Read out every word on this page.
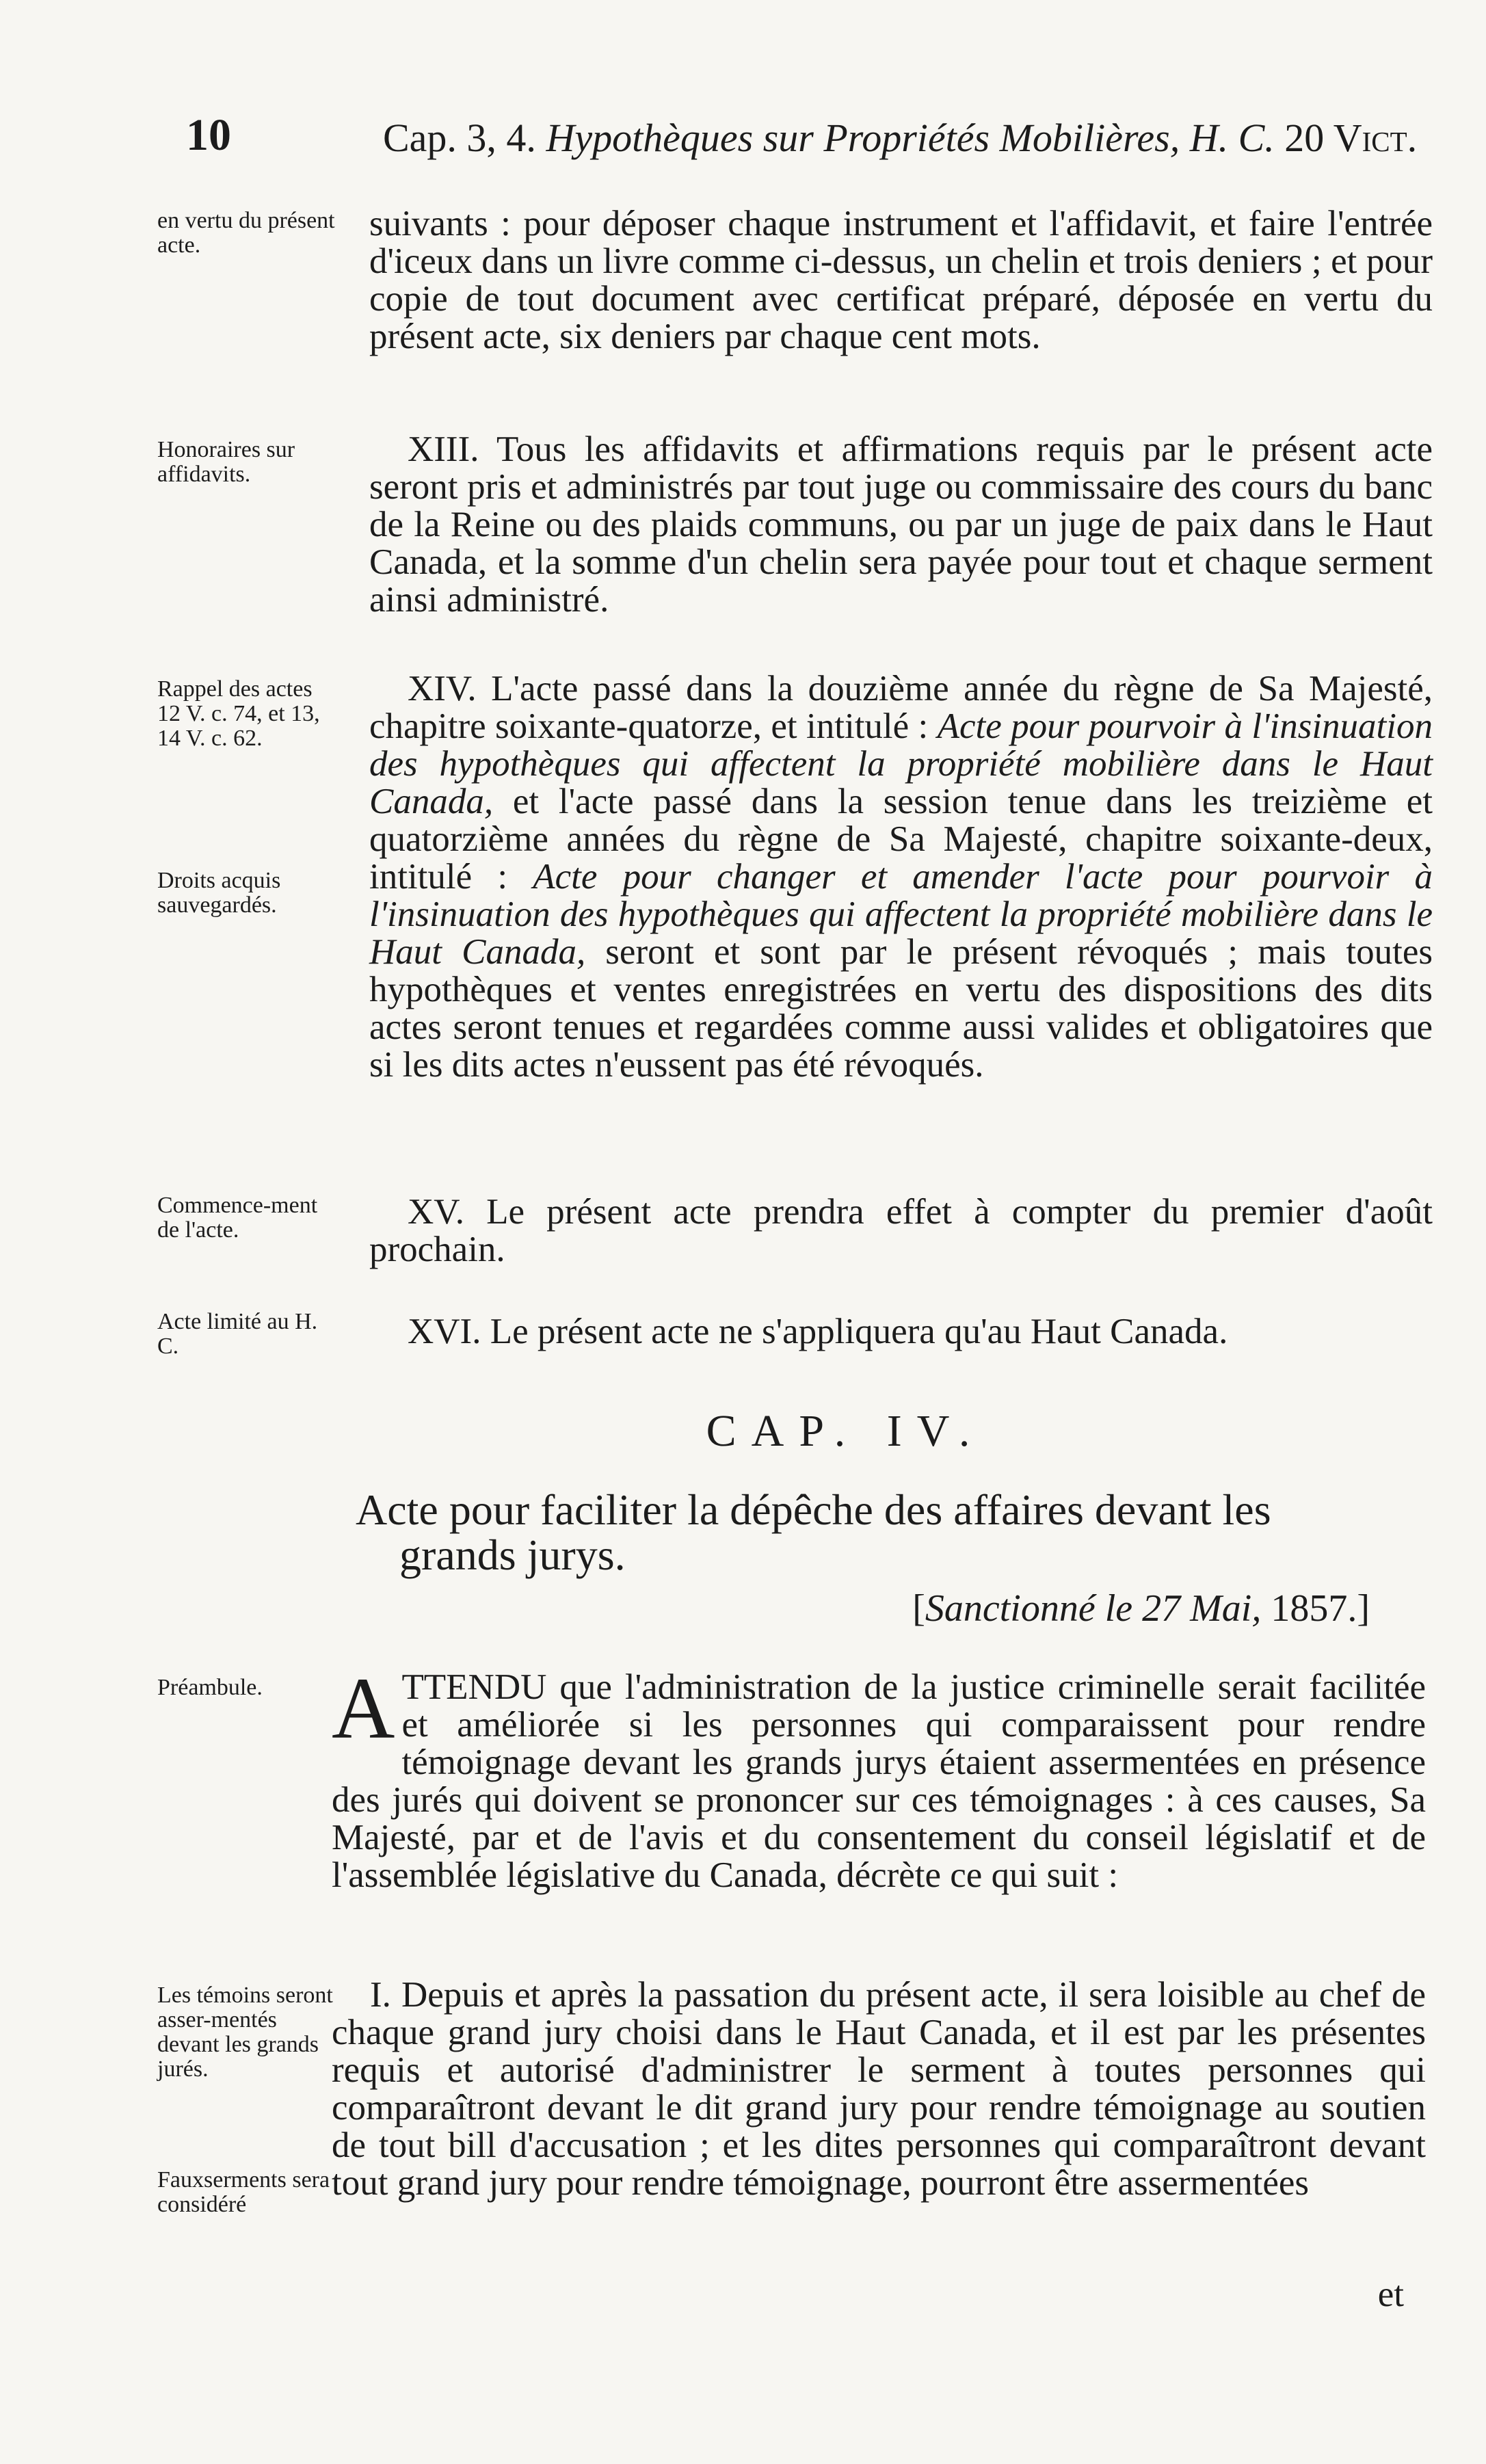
10	Cap. 3, 4. Hypothèques sur Propriétés Mobilières, H. C. 20 Vict.
en vertu du présent acte.
Honoraires sur affidavits.
Rappel des actes 12 V. c. 74, et 13, 14 V. c. 62.
Droits acquis sauvegardés.
Commence-ment de l'acte.
Acte limité au H. C.
Préambule.
Les témoins seront asser-mentés devant les grands jurés.
Fauxserments sera considéré
suivants : pour déposer chaque instrument et l'affidavit, et faire l'entrée d'iceux dans un livre comme ci-dessus, un chelin et trois deniers ; et pour copie de tout document avec certificat préparé, déposée en vertu du présent acte, six deniers par chaque cent mots.
XIII. Tous les affidavits et affirmations requis par le présent acte seront pris et administrés par tout juge ou commissaire des cours du banc de la Reine ou des plaids communs, ou par un juge de paix dans le Haut Canada, et la somme d'un chelin sera payée pour tout et chaque serment ainsi administré.
XIV. L'acte passé dans la douzième année du règne de Sa Majesté, chapitre soixante-quatorze, et intitulé : Acte pour pourvoir à l'insinuation des hypothèques qui affectent la propriété mobilière dans le Haut Canada, et l'acte passé dans la session tenue dans les treizième et quatorzième années du règne de Sa Majesté, chapitre soixante-deux, intitulé : Acte pour changer et amender l'acte pour pourvoir à l'insinuation des hypothèques qui affectent la propriété mobilière dans le Haut Canada, seront et sont par le présent révoqués ; mais toutes hypothèques et ventes enregistrées en vertu des dispositions des dits actes seront tenues et regardées comme aussi valides et obligatoires que si les dits actes n'eussent pas été révoqués.
XV. Le présent acte prendra effet à compter du premier d'août prochain.
XVI. Le présent acte ne s'appliquera qu'au Haut Canada.
CAP. IV.
Acte pour faciliter la dépêche des affaires devant les
grands jurys.
[Sanctionné le 27 Mai, 1857.]
ATTENDU que l'administration de la justice criminelle serait facilitée et améliorée si les personnes qui comparaissent pour rendre témoignage devant les grands jurys étaient assermentées en présence des jurés qui doivent se prononcer sur ces témoignages : à ces causes, Sa Majesté, par et de l'avis et du consentement du conseil législatif et de l'assemblée législative du Canada, décrète ce qui suit :
I. Depuis et après la passation du présent acte, il sera loisible au chef de chaque grand jury choisi dans le Haut Canada, et il est par les présentes requis et autorisé d'administrer le serment à toutes personnes qui comparaîtront devant le dit grand jury pour rendre témoignage au soutien de tout bill d'accusation ; et les dites personnes qui comparaîtront devant tout grand jury pour rendre témoignage, pourront être assermentées
et
